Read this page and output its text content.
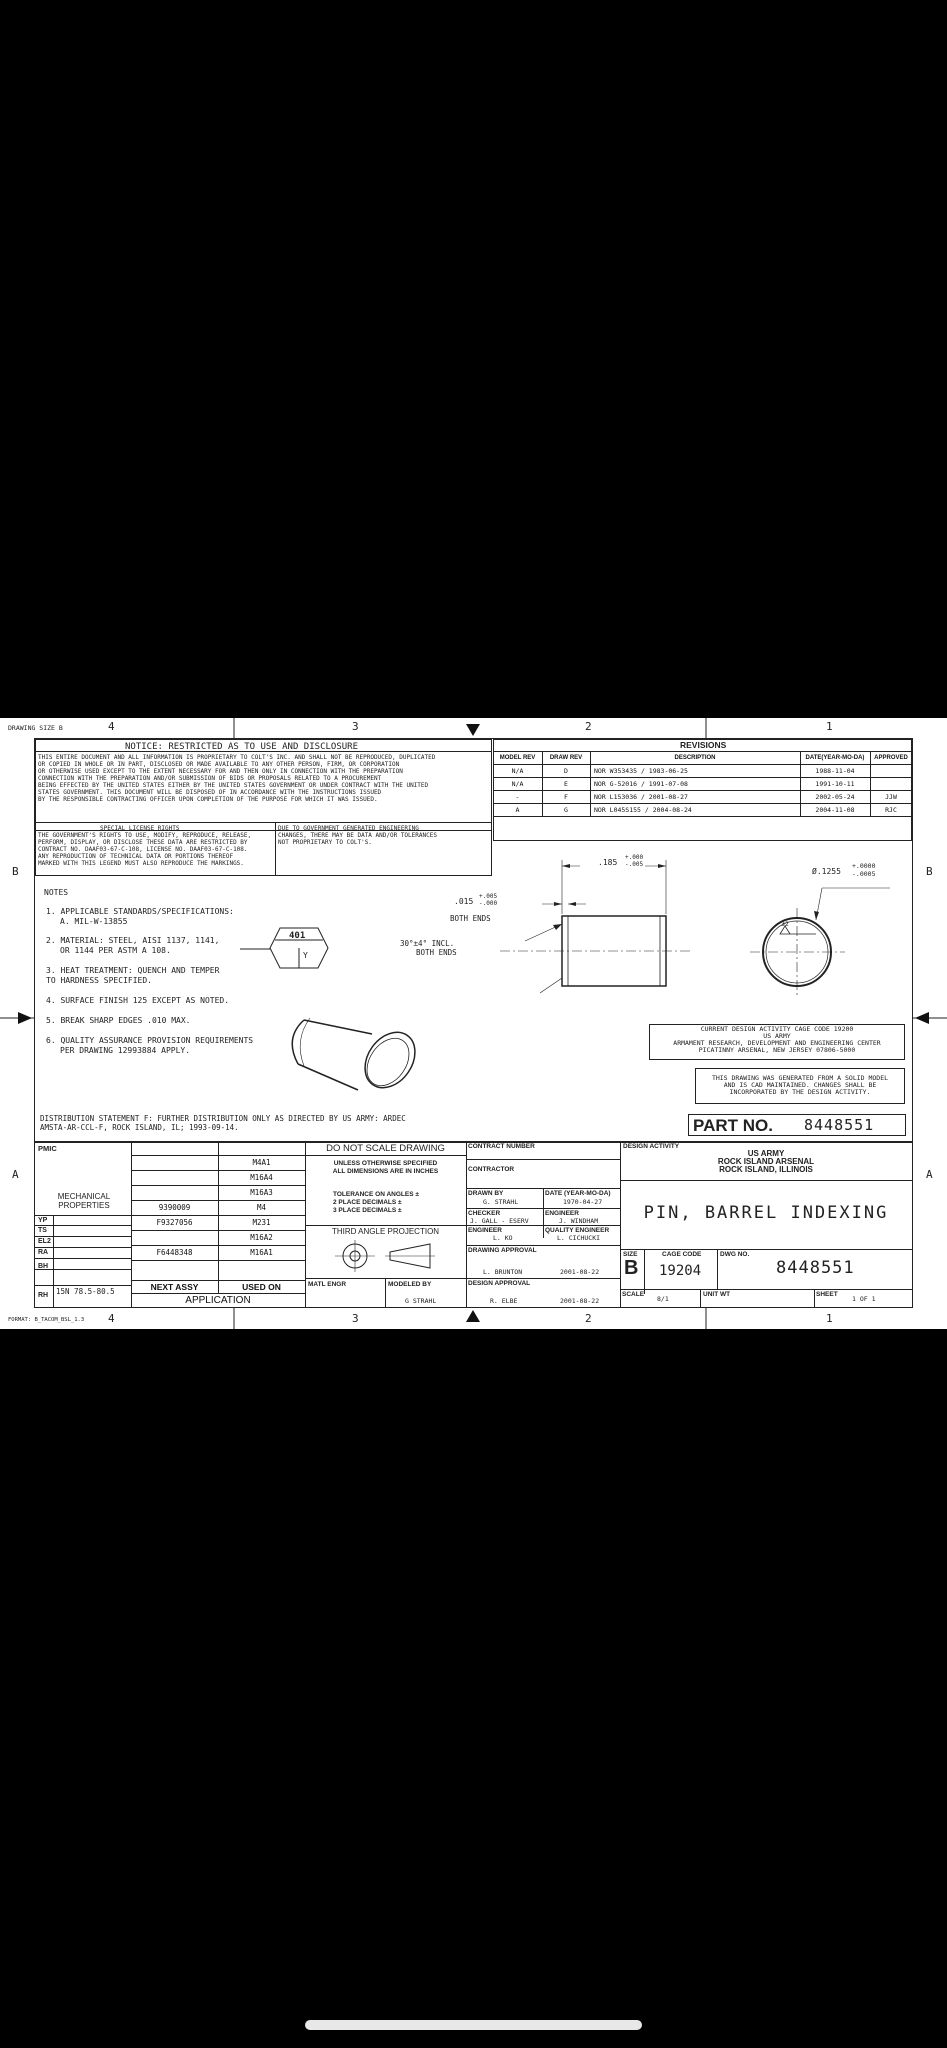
DRAWING SIZE B	4	3	2	1
4	3	2	1
B
A
B
A
FORMAT: B_TACOM_BSL_1.3
NOTICE: RESTRICTED AS TO USE AND DISCLOSURE
THIS ENTIRE DOCUMENT AND ALL INFORMATION IS PROPRIETARY TO COLT'S INC. AND SHALL NOT BE REPRODUCED, DUPLICATED
OR COPIED IN WHOLE OR IN PART, DISCLOSED OR MADE AVAILABLE TO ANY OTHER PERSON, FIRM, OR CORPORATION
OR OTHERWISE USED EXCEPT TO THE EXTENT NECESSARY FOR AND THEN ONLY IN CONNECTION WITH THE PREPARATION
CONNECTION WITH THE PREPARATION AND/OR SUBMISSION OF BIDS OR PROPOSALS RELATED TO A PROCUREMENT
BEING EFFECTED BY THE UNITED STATES EITHER BY THE UNITED STATES GOVERNMENT OR UNDER CONTRACT WITH THE UNITED
STATES GOVERNMENT. THIS DOCUMENT WILL BE DISPOSED OF IN ACCORDANCE WITH THE INSTRUCTIONS ISSUED
BY THE RESPONSIBLE CONTRACTING OFFICER UPON COMPLETION OF THE PURPOSE FOR WHICH IT WAS ISSUED.
SPECIAL LICENSE RIGHTS
THE GOVERNMENT'S RIGHTS TO USE, MODIFY, REPRODUCE, RELEASE,
PERFORM, DISPLAY, OR DISCLOSE THESE DATA ARE RESTRICTED BY
CONTRACT NO. DAAF03-67-C-108, LICENSE NO. DAAF03-67-C-108.
ANY REPRODUCTION OF TECHNICAL DATA OR PORTIONS THEREOF
MARKED WITH THIS LEGEND MUST ALSO REPRODUCE THE MARKINGS.
DUE TO GOVERNMENT GENERATED ENGINEERING
CHANGES, THERE MAY BE DATA AND/OR TOLERANCES
NOT PROPRIETARY TO COLT'S.
REVISIONS
MODEL REV	DRAW REV	DESCRIPTION	DATE(YEAR-MO-DA)	APPROVED
N/A	D	NOR W353435 / 1983-06-25	1988-11-04
N/A	E	NOR G-52016 / 1991-07-08	1991-10-11
-	F	NOR L153036 / 2001-08-27	2002-05-24	JJW
A	G	NOR L045S155 / 2004-08-24	2004-11-08	RJC
NOTES
1. APPLICABLE STANDARDS/SPECIFICATIONS:
A. MIL-W-13855
2. MATERIAL: STEEL, AISI 1137, 1141,
OR 1144 PER ASTM A 108.
3. HEAT TREATMENT: QUENCH AND TEMPER
TO HARDNESS SPECIFIED.
4. SURFACE FINISH 125 EXCEPT AS NOTED.
5. BREAK SHARP EDGES .010 MAX.
6. QUALITY ASSURANCE PROVISION REQUIREMENTS
PER DRAWING 12993884 APPLY.
401
Y
.185
+.000
-.005
.015
+.005
-.000
BOTH ENDS
30°±4° INCL.
BOTH ENDS
Ø.1255
+.0000
-.0005
32
CURRENT DESIGN ACTIVITY CAGE CODE 19200
US ARMY
ARMAMENT RESEARCH, DEVELOPMENT AND ENGINEERING CENTER
PICATINNY ARSENAL, NEW JERSEY 07806-5000
THIS DRAWING WAS GENERATED FROM A SOLID MODEL
AND IS CAD MAINTAINED. CHANGES SHALL BE
INCORPORATED BY THE DESIGN ACTIVITY.
PART NO. 8448551
DISTRIBUTION STATEMENT F: FURTHER DISTRIBUTION ONLY AS DIRECTED BY US ARMY: ARDEC
AMSTA-AR-CCL-F, ROCK ISLAND, IL; 1993-09-14.
PMIC
MECHANICAL PROPERTIES
YP
TS
EL2
RA
BH
RH 15N 78.5-80.5
M4A1
M16A4
M16A3
9390009	M4
F9327056	M231
M16A2
F6448348	M16A1
NEXT ASSY	USED ON
APPLICATION
DO NOT SCALE DRAWING
UNLESS OTHERWISE SPECIFIED
ALL DIMENSIONS ARE IN INCHES
TOLERANCE ON ANGLES ±
2 PLACE DECIMALS ±
3 PLACE DECIMALS ±
THIRD ANGLE PROJECTION
MATL ENGR	MODELED BY
G STRAHL
CONTRACT NUMBER
CONTRACTOR
DRAWN BY
G. STRAHL
DATE (YEAR-MO-DA)
1970-04-27
CHECKER
J. GALL - ESERV
ENGINEER
J. WINDHAM
ENGINEER
L. KO
QUALITY ENGINEER
L. CICHUCKI
DRAWING APPROVAL
L. BRUNTON	2001-08-22
DESIGN APPROVAL
R. ELBE	2001-08-22
DESIGN ACTIVITY
US ARMY
ROCK ISLAND ARSENAL
ROCK ISLAND, ILLINOIS
PIN, BARREL INDEXING
SIZE
B
CAGE CODE
19204
DWG NO.
8448551
SCALE
8/1
UNIT WT	SHEET
1 OF 1
